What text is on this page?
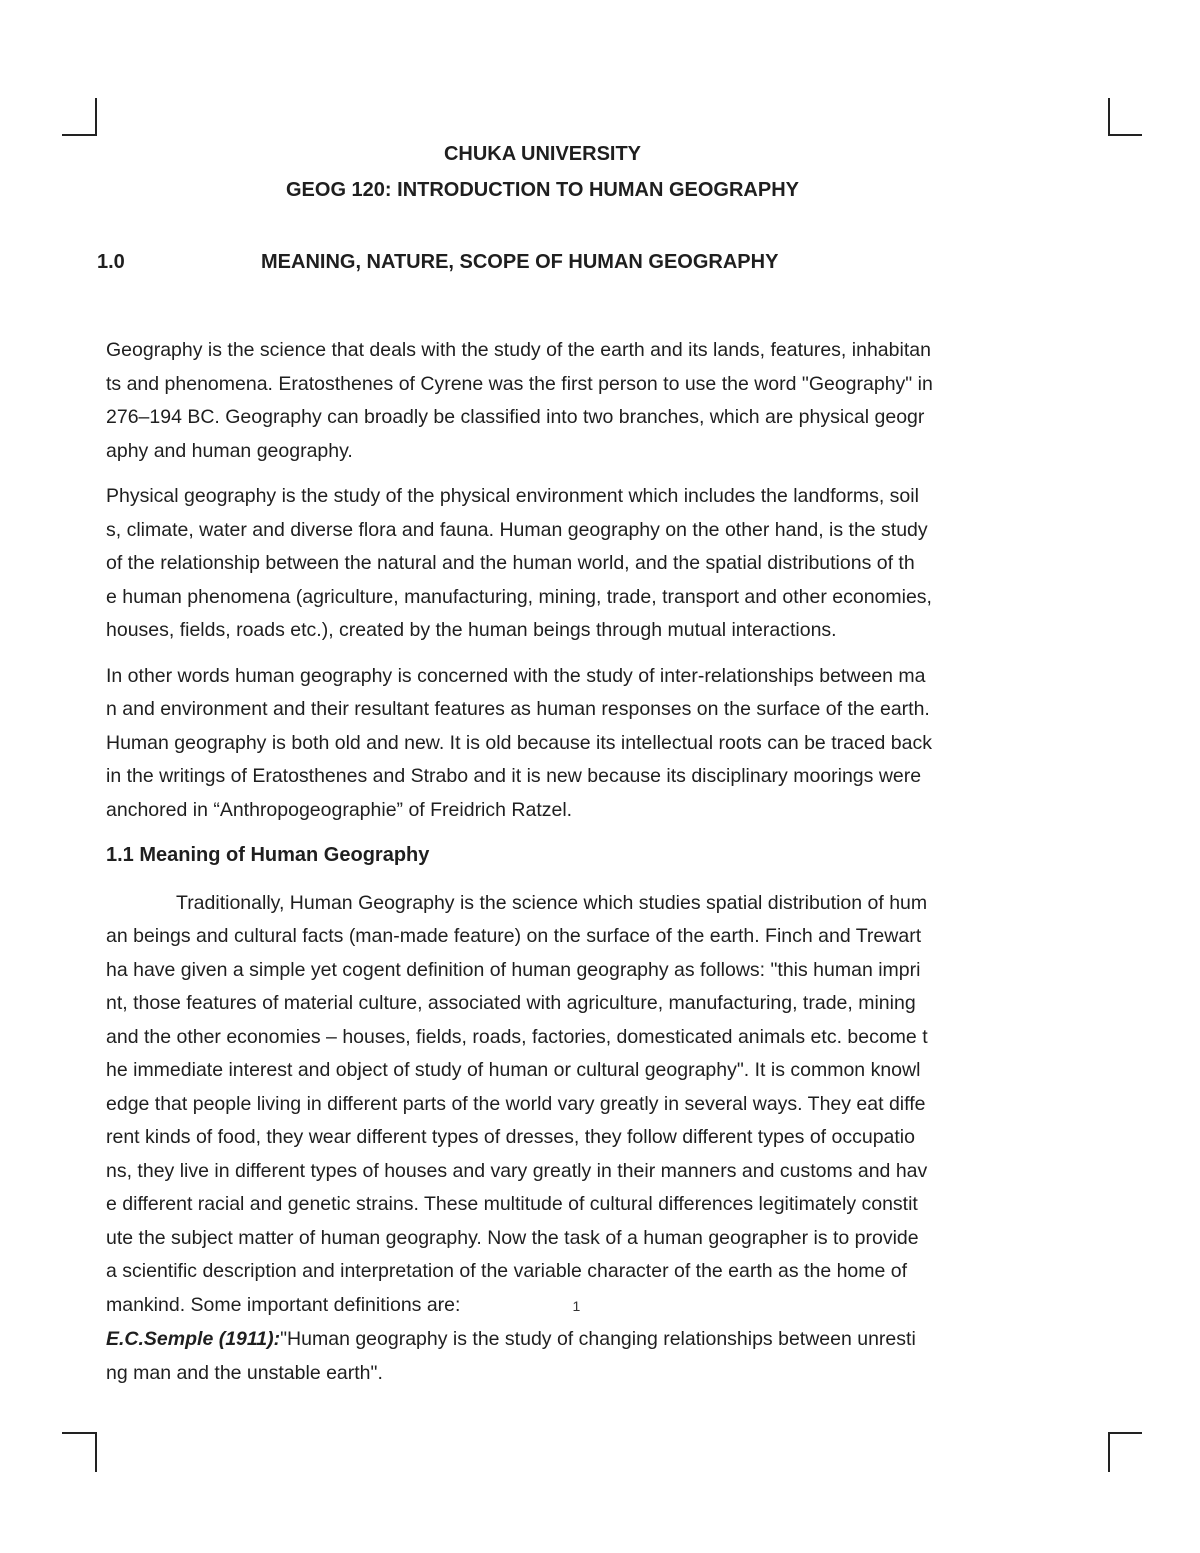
CHUKA UNIVERSITY
GEOG 120: INTRODUCTION TO HUMAN GEOGRAPHY
1.0	MEANING, NATURE, SCOPE OF HUMAN GEOGRAPHY

Geography is the science that deals with the study of the earth and its lands, features, inhabitan
ts and phenomena. Eratosthenes of Cyrene was the first person to use the word "Geography" in
276–194 BC. Geography can broadly be classified into two branches, which are physical geogr
aphy and human geography.

Physical geography is the study of the physical environment which includes the landforms, soil
s, climate, water and diverse flora and fauna. Human geography on the other hand, is the study
of the relationship between the natural and the human world, and the spatial distributions of th
e human phenomena (agriculture, manufacturing, mining, trade, transport and other economies,
houses, fields, roads etc.), created by the human beings through mutual interactions.

In other words human geography is concerned with the study of inter-relationships between ma
n and environment and their resultant features as human responses on the surface of the earth.
Human geography is both old and new. It is old because its intellectual roots can be traced back
in the writings of Eratosthenes and Strabo and it is new because its disciplinary moorings were
anchored in “Anthropogeographie” of Freidrich Ratzel.

1.1 Meaning of Human Geography

Traditionally, Human Geography is the science which studies spatial distribution of hum
an beings and cultural facts (man-made feature) on the surface of the earth. Finch and Trewart
ha have given a simple yet cogent definition of human geography as follows: "this human impri
nt, those features of material culture, associated with agriculture, manufacturing, trade, mining
and the other economies – houses, fields, roads, factories, domesticated animals etc. become t
he immediate interest and object of study of human or cultural geography". It is common knowl
edge that people living in different parts of the world vary greatly in several ways. They eat diffe
rent kinds of food, they wear different types of dresses, they follow different types of occupatio
ns, they live in different types of houses and vary greatly in their manners and customs and hav
e different racial and genetic strains. These multitude of cultural differences legitimately constit
ute the subject matter of human geography. Now the task of a human geographer is to provide
a scientific description and interpretation of the variable character of the earth as the home of
mankind. Some important definitions are:	1

E.C.Semple (1911):"Human geography is the study of changing relationships between unresti
ng man and the unstable earth".
